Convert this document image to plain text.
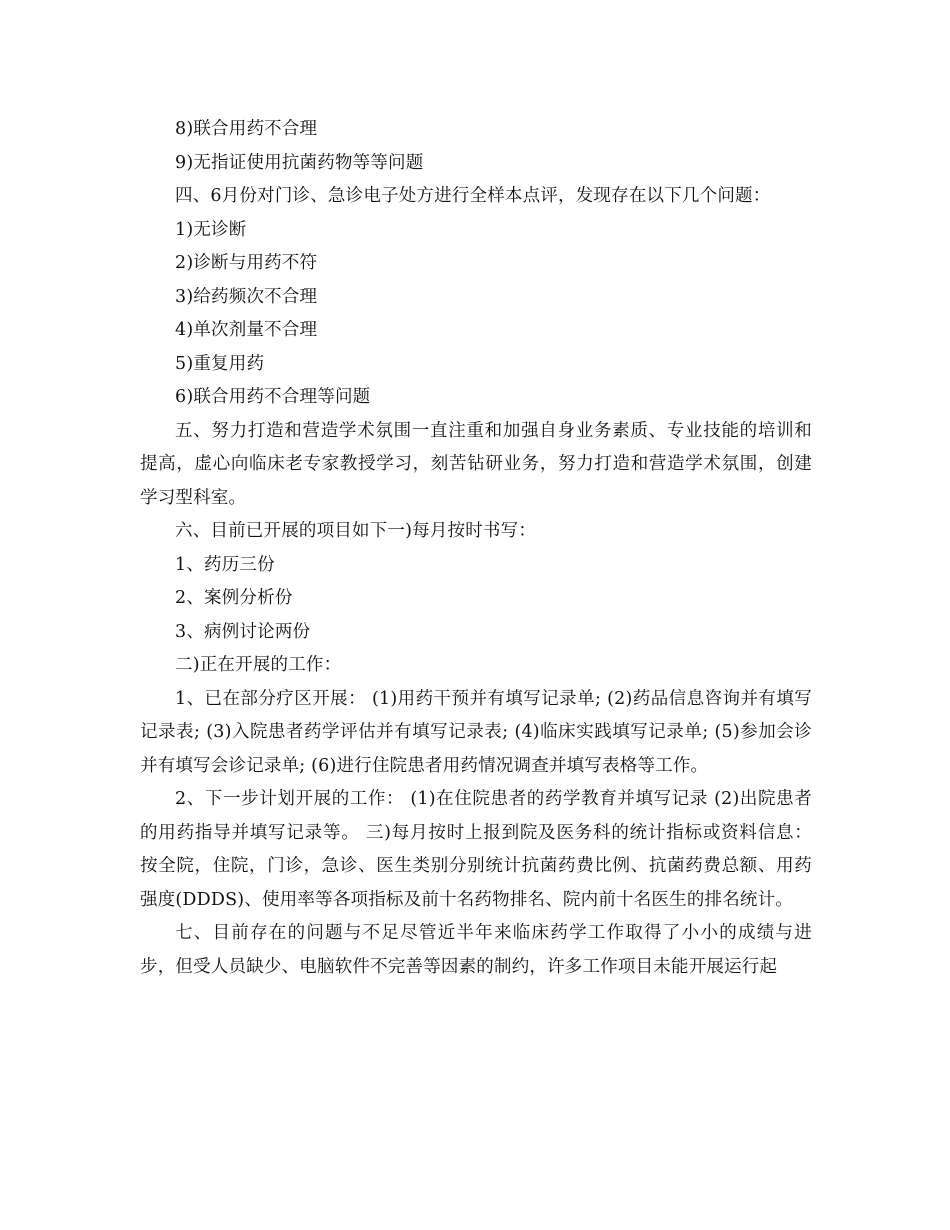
8)联合用药不合理
9)无指证使用抗菌药物等等问题
四、6月份对门诊、急诊电子处方进行全样本点评，发现存在以下几个问题：
1)无诊断
2)诊断与用药不符
3)给药频次不合理
4)单次剂量不合理
5)重复用药
6)联合用药不合理等问题

五、努力打造和营造学术氛围一直注重和加强自身业务素质、专业技能的培训和提高，虚心向临床老专家教授学习，刻苦钻研业务，努力打造和营造学术氛围，创建学习型科室。

六、目前已开展的项目如下一)每月按时书写：
1、药历三份
2、案例分析份
3、病例讨论两份
二)正在开展的工作：

1、已在部分疗区开展： (1)用药干预并有填写记录单; (2)药品信息咨询并有填写记录表; (3)入院患者药学评估并有填写记录表; (4)临床实践填写记录单; (5)参加会诊并有填写会诊记录单; (6)进行住院患者用药情况调查并填写表格等工作。

2、下一步计划开展的工作： (1)在住院患者的药学教育并填写记录 (2)出院患者的用药指导并填写记录等。 三)每月按时上报到院及医务科的统计指标或资料信息： 按全院，住院，门诊，急诊、医生类别分别统计抗菌药费比例、抗菌药费总额、用药强度(DDDS)、使用率等各项指标及前十名药物排名、院内前十名医生的排名统计。

七、目前存在的问题与不足尽管近半年来临床药学工作取得了小小的成绩与进步，但受人员缺少、电脑软件不完善等因素的制约，许多工作项目未能开展运行起
